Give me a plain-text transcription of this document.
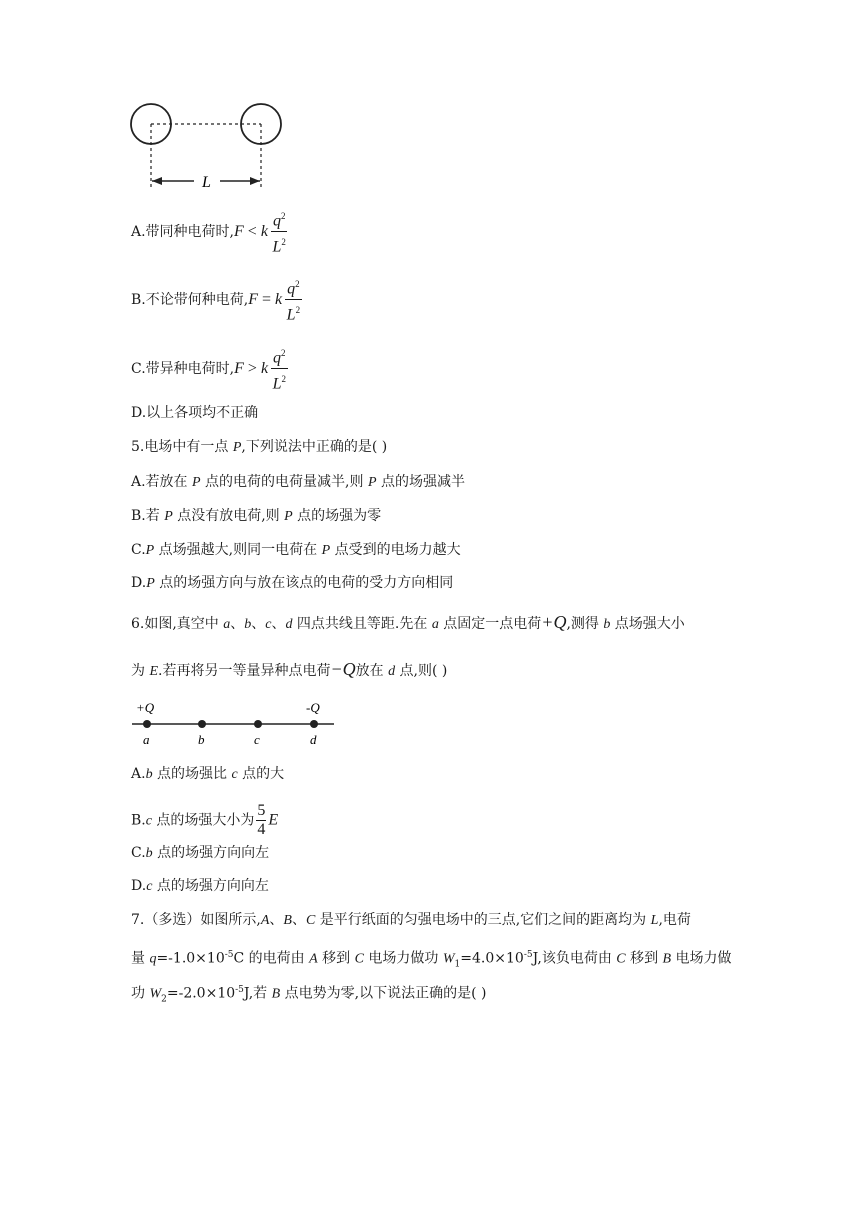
L
A.带同种电荷时,F < k $\frac{q^2}{L^2}$
B.不论带何种电荷,F = k $\frac{q^2}{L^2}$
C.带异种电荷时,F > k $\frac{q^2}{L^2}$
D.以上各项均不正确
5.电场中有一点 P,下列说法中正确的是( )
A.若放在 P 点的电荷的电荷量减半,则 P 点的场强减半
B.若 P 点没有放电荷,则 P 点的场强为零
C.P 点场强越大,则同一电荷在 P 点受到的电场力越大
D.P 点的场强方向与放在该点的电荷的受力方向相同
6.如图,真空中 a、b、c、d 四点共线且等距.先在 a 点固定一点电荷+Q,测得 b 点场强大小
为 E.若再将另一等量异种点电荷−Q放在 d 点,则( )
+Q	-Q
a	b	c	d
A.b 点的场强比 c 点的大
B.c 点的场强大小为 $\frac{5}{4}$ E
C.b 点的场强方向向左
D.c 点的场强方向向左
7.（多选）如图所示,A、B、C 是平行纸面的匀强电场中的三点,它们之间的距离均为 L,电荷
量 $q=-1.0\times 10^{-5}C$ 的电荷由 A 移到 C 电场力做功 $W_1=4.0\times 10^{-5}J$,该负电荷由 C 移到 B 电场力做
功 $W_2=-2.0\times 10^{-5}J$,若 B 点电势为零,以下说法正确的是( )
